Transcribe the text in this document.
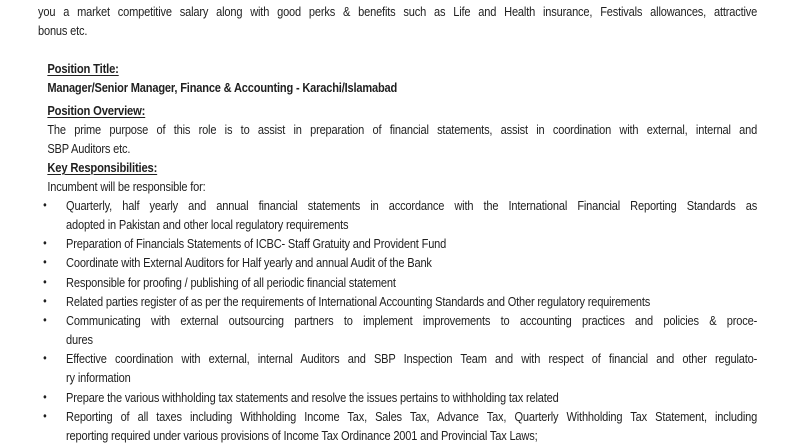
you a market competitive salary along with good perks & benefits such as Life and Health insurance, Festivals allowances, attractive
bonus etc.

Position Title:

Manager/Senior Manager, Finance & Accounting - Karachi/Islamabad

Position Overview:

The prime purpose of this role is to assist in preparation of financial statements, assist in coordination with external, internal and
SBP Auditors etc.

Key Responsibilities:

Incumbent will be responsible for:

• Quarterly, half yearly and annual financial statements in accordance with the International Financial Reporting Standards as
adopted in Pakistan and other local regulatory requirements
• Preparation of Financials Statements of ICBC- Staff Gratuity and Provident Fund
• Coordinate with External Auditors for Half yearly and annual Audit of the Bank
• Responsible for proofing / publishing of all periodic financial statement
• Related parties register of as per the requirements of International Accounting Standards and Other regulatory requirements
• Communicating with external outsourcing partners to implement improvements to accounting practices and policies & proce-
dures
• Effective coordination with external, internal Auditors and SBP Inspection Team and with respect of financial and other regulato-
ry information
• Prepare the various withholding tax statements and resolve the issues pertains to withholding tax related
• Reporting of all taxes including Withholding Income Tax, Sales Tax, Advance Tax, Quarterly Withholding Tax Statement, including
reporting required under various provisions of Income Tax Ordinance 2001 and Provincial Tax Laws;
